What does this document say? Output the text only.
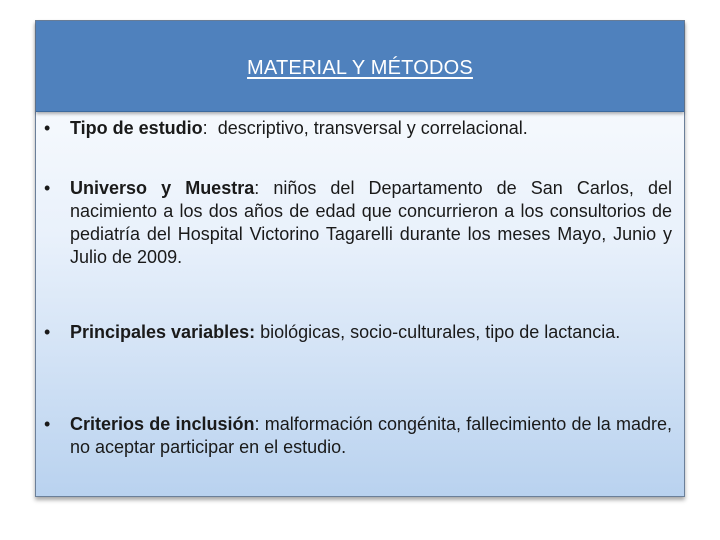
MATERIAL Y MÉTODOS
•	Tipo de estudio:  descriptivo, transversal y correlacional.
•	Universo y Muestra: niños del Departamento de San Carlos, del nacimiento a los dos años de edad que concurrieron a los consultorios de pediatría del Hospital Victorino Tagarelli durante los meses Mayo, Junio y Julio de 2009.
•	Principales variables: biológicas, socio-culturales, tipo de lactancia.
•	Criterios de inclusión: malformación congénita, fallecimiento de la madre, no aceptar participar en el estudio.
